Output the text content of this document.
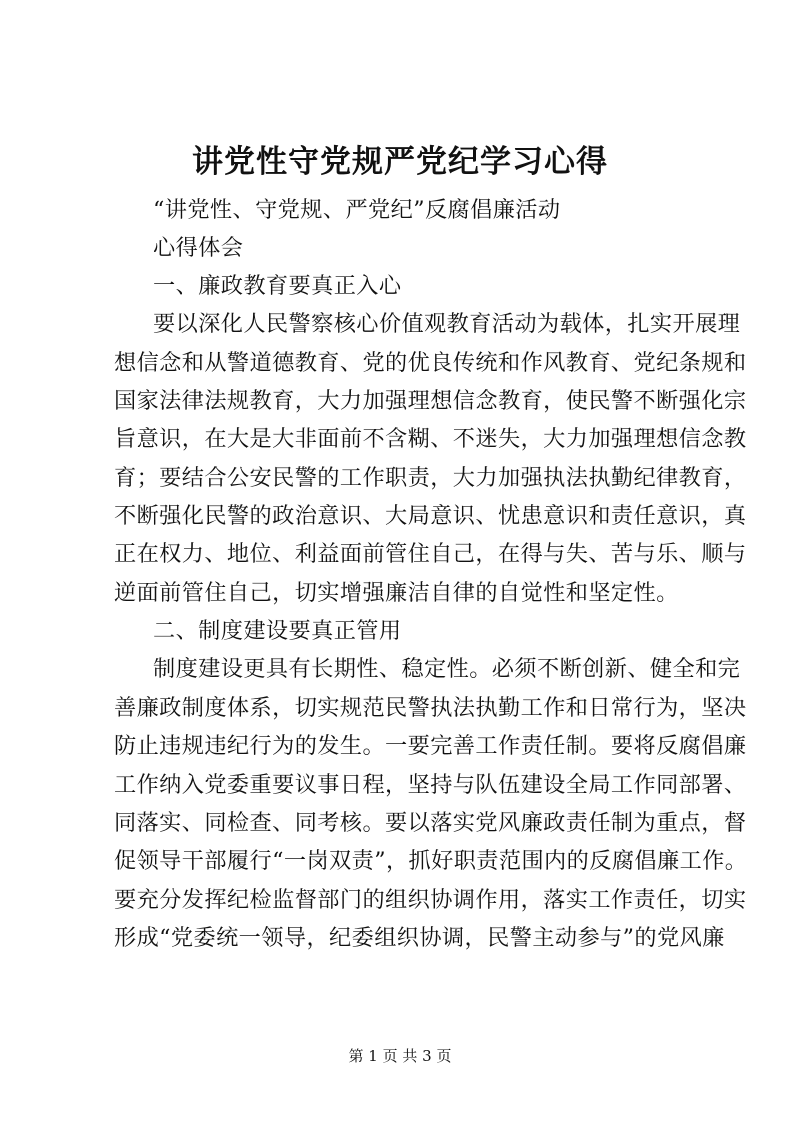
讲党性守党规严党纪学习心得
“讲党性、守党规、严党纪”反腐倡廉活动
心得体会
一、廉政教育要真正入心
要以深化人民警察核心价值观教育活动为载体，扎实开展理
想信念和从警道德教育、党的优良传统和作风教育、党纪条规和
国家法律法规教育，大力加强理想信念教育，使民警不断强化宗
旨意识，在大是大非面前不含糊、不迷失，大力加强理想信念教
育；要结合公安民警的工作职责，大力加强执法执勤纪律教育，
不断强化民警的政治意识、大局意识、忧患意识和责任意识，真
正在权力、地位、利益面前管住自己，在得与失、苦与乐、顺与
逆面前管住自己，切实增强廉洁自律的自觉性和坚定性。
二、制度建设要真正管用
制度建设更具有长期性、稳定性。必须不断创新、健全和完
善廉政制度体系，切实规范民警执法执勤工作和日常行为，坚决
防止违规违纪行为的发生。一要完善工作责任制。要将反腐倡廉
工作纳入党委重要议事日程，坚持与队伍建设全局工作同部署、
同落实、同检查、同考核。要以落实党风廉政责任制为重点，督
促领导干部履行“一岗双责”，抓好职责范围内的反腐倡廉工作。
要充分发挥纪检监督部门的组织协调作用，落实工作责任，切实
形成“党委统一领导，纪委组织协调，民警主动参与”的党风廉
第 1 页 共 3 页
